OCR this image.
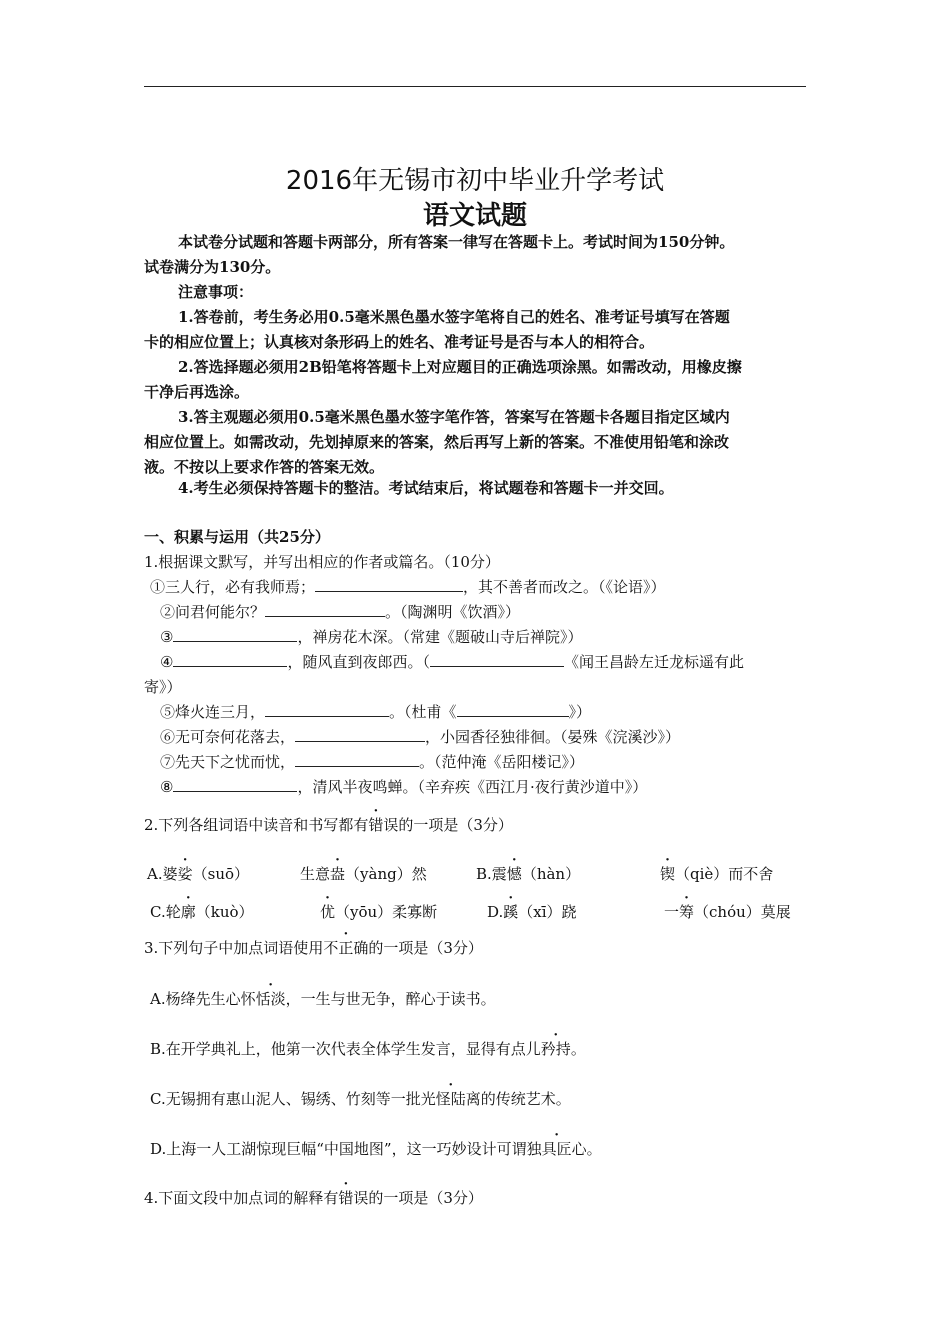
2016年无锡市初中毕业升学考试
语文试题
本试卷分试题和答题卡两部分，所有答案一律写在答题卡上。考试时间为150分钟。
试卷满分为130分。
注意事项：
1.答卷前，考生务必用0.5毫米黑色墨水签字笔将自己的姓名、准考证号填写在答题
卡的相应位置上；认真核对条形码上的姓名、准考证号是否与本人的相符合。
2.答选择题必须用2B铅笔将答题卡上对应题目的正确选项涂黑。如需改动，用橡皮擦
干净后再选涂。
3.答主观题必须用0.5毫米黑色墨水签字笔作答，答案写在答题卡各题目指定区域内
相应位置上。如需改动，先划掉原来的答案，然后再写上新的答案。不准使用铅笔和涂改
液。不按以上要求作答的答案无效。
4.考生必须保持答题卡的整洁。考试结束后，将试题卷和答题卡一并交回。
一、积累与运用（共25分）
1.根据课文默写，并写出相应的作者或篇名。（10分）
①三人行，必有我师焉；	，其不善者而改之。（《论语》）
②问君何能尔？	。（陶渊明《饮酒》）
③	，禅房花木深。（常建《题破山寺后禅院》）
④	，随风直到夜郎西。（	《闻王昌龄左迁龙标遥有此
寄》）
⑤烽火连三月，	。（杜甫《	》）
⑥无可奈何花落去，	，小园香径独徘徊。（晏殊《浣溪沙》）
⑦先天下之忧而忧，	。（范仲淹《岳阳楼记》）
⑧	，清风半夜鸣蝉。（辛弃疾《西江月·夜行黄沙道中》）
2.下列各组词语中读音和书写都有错误的一项是（3分）
A.婆娑（suō）	生意盎（yàng）然	B.震憾（hàn）	锲（qiè）而不舍
C.轮廓（kuò）	优（yōu）柔寡断	D.蹊（xī）跷	一筹（chóu）莫展
3.下列句子中加点词语使用不正确的一项是（3分）
A.杨绛先生心怀恬淡，一生与世无争，醉心于读书。
B.在开学典礼上，他第一次代表全体学生发言，显得有点儿矜持。
C.无锡拥有惠山泥人、锡绣、竹刻等一批光怪陆离的传统艺术。
D.上海一人工湖惊现巨幅“中国地图”，这一巧妙设计可谓独具匠心。
4.下面文段中加点词的解释有错误的一项是（3分）
